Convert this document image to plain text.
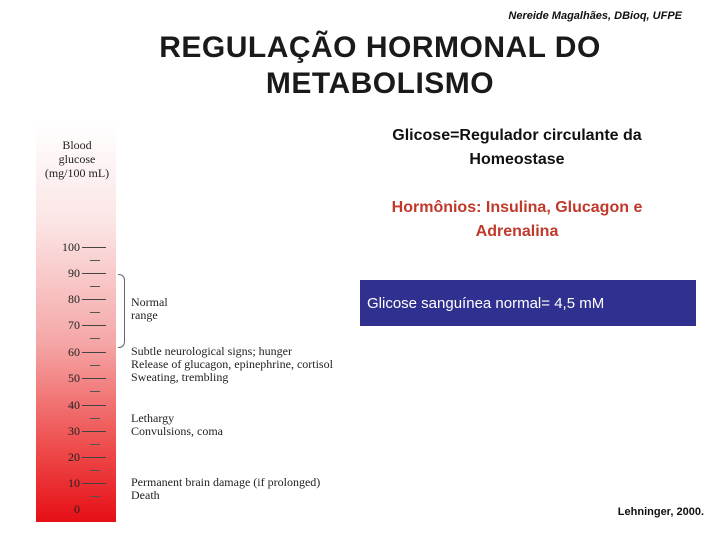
Nereide Magalhães, DBioq, UFPE
REGULAÇÃO HORMONAL DO
METABOLISMO
Glicose=Regulador circulante da
Homeostase
Hormônios: Insulina, Glucagon e
Adrenalina
Glicose sanguínea normal= 4,5 mM
Lehninger, 2000.
Blood
glucose
(mg/100 mL)
100
90
80
70
60
50
40
30
20
10
0
Normal
range
Subtle neurological signs; hunger
Release of glucagon, epinephrine, cortisol
Sweating, trembling
Lethargy
Convulsions, coma
Permanent brain damage (if prolonged)
Death
